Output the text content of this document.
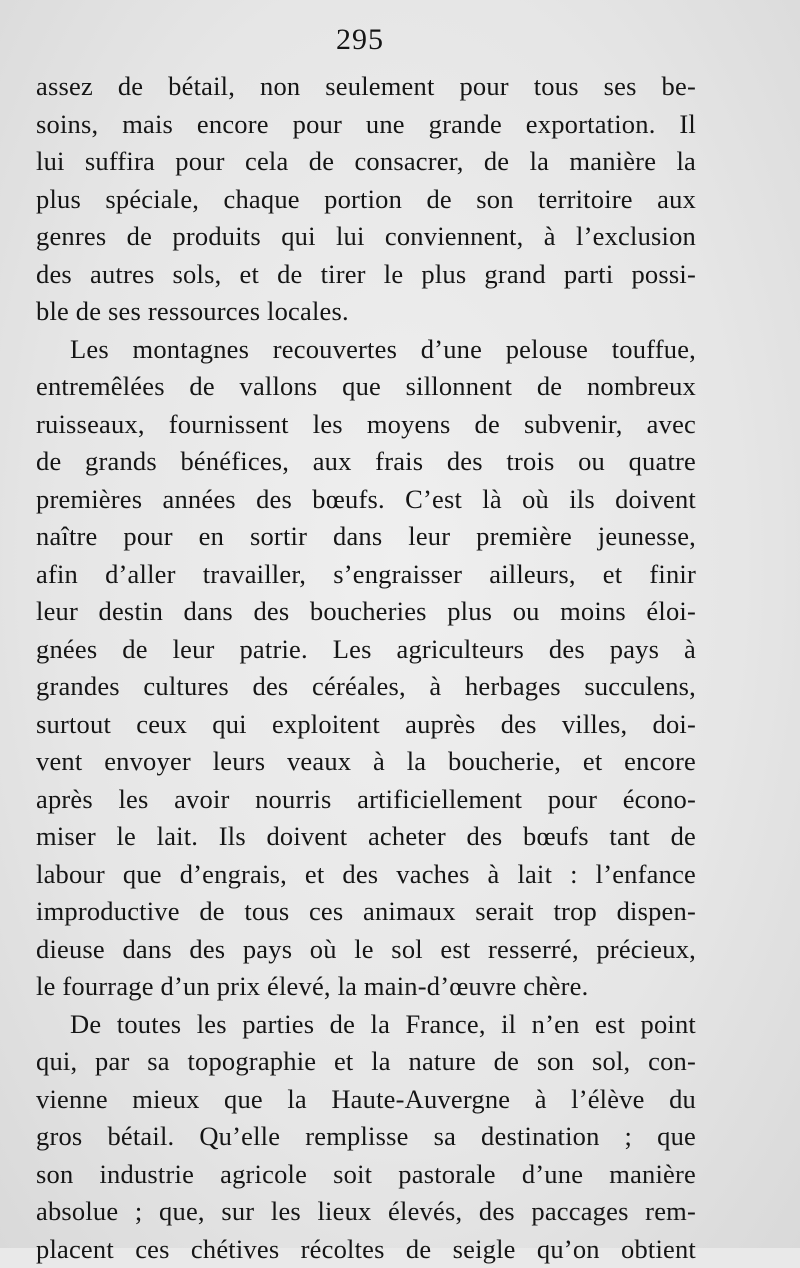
295
assez de bétail, non seulement pour tous ses be-
soins, mais encore pour une grande exportation. Il
lui suffira pour cela de consacrer, de la manière la
plus spéciale, chaque portion de son territoire aux
genres de produits qui lui conviennent, à l’exclusion
des autres sols, et de tirer le plus grand parti possi-
ble de ses ressources locales.
Les montagnes recouvertes d’une pelouse touffue,
entremêlées de vallons que sillonnent de nombreux
ruisseaux, fournissent les moyens de subvenir, avec
de grands bénéfices, aux frais des trois ou quatre
premières années des bœufs. C’est là où ils doivent
naître pour en sortir dans leur première jeunesse,
afin d’aller travailler, s’engraisser ailleurs, et finir
leur destin dans des boucheries plus ou moins éloi-
gnées de leur patrie. Les agriculteurs des pays à
grandes cultures des céréales, à herbages succulens,
surtout ceux qui exploitent auprès des villes, doi-
vent envoyer leurs veaux à la boucherie, et encore
après les avoir nourris artificiellement pour écono-
miser le lait. Ils doivent acheter des bœufs tant de
labour que d’engrais, et des vaches à lait : l’enfance
improductive de tous ces animaux serait trop dispen-
dieuse dans des pays où le sol est resserré, précieux,
le fourrage d’un prix élevé, la main-d’œuvre chère.
De toutes les parties de la France, il n’en est point
qui, par sa topographie et la nature de son sol, con-
vienne mieux que la Haute-Auvergne à l’élève du
gros bétail. Qu’elle remplisse sa destination ; que
son industrie agricole soit pastorale d’une manière
absolue ; que, sur les lieux élevés, des paccages rem-
placent ces chétives récoltes de seigle qu’on obtient
